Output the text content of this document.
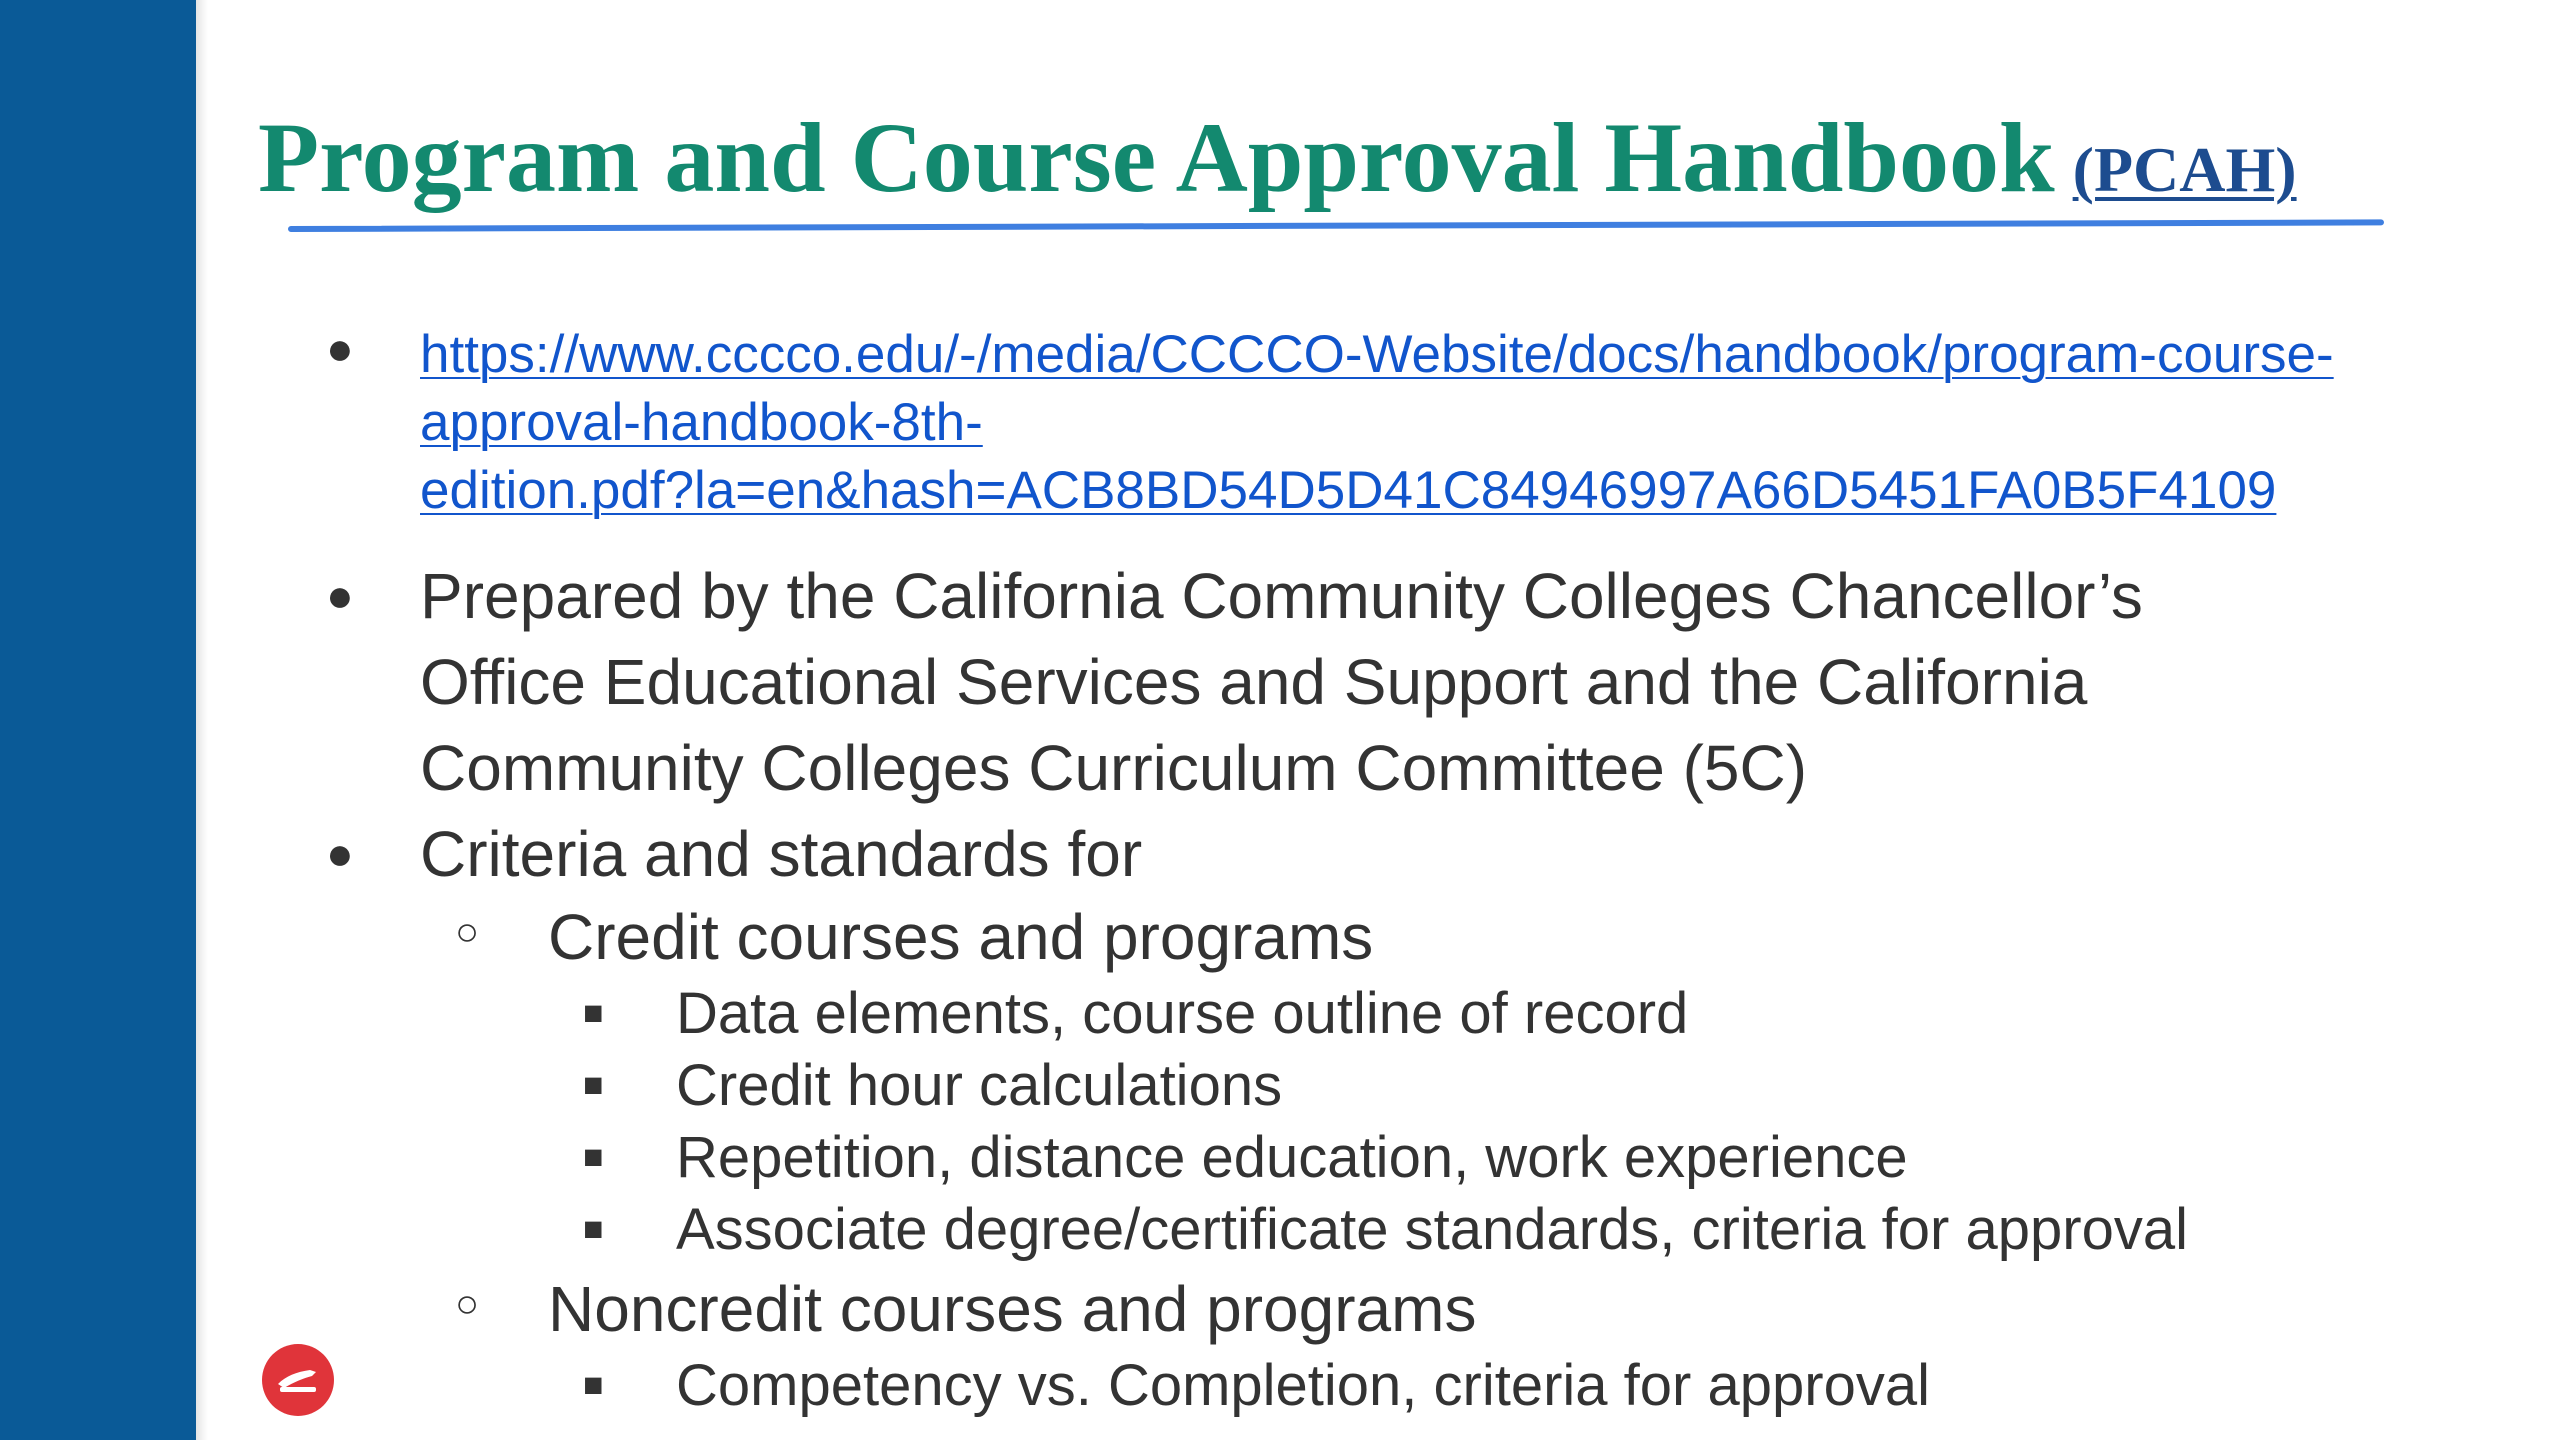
Program and Course Approval Handbook (PCAH)
● https://www.cccco.edu/-/media/CCCCO-Website/docs/handbook/program-course-
approval-handbook-8th-
edition.pdf?la=en&hash=ACB8BD54D5D41C84946997A66D5451FA0B5F4109
● Prepared by the California Community Colleges Chancellor’s
Office Educational Services and Support and the California
Community Colleges Curriculum Committee (5C)
● Criteria and standards for
○ Credit courses and programs
■ Data elements, course outline of record
■ Credit hour calculations
■ Repetition, distance education, work experience
■ Associate degree/certificate standards, criteria for approval
○ Noncredit courses and programs
■ Competency vs. Completion, criteria for approval
